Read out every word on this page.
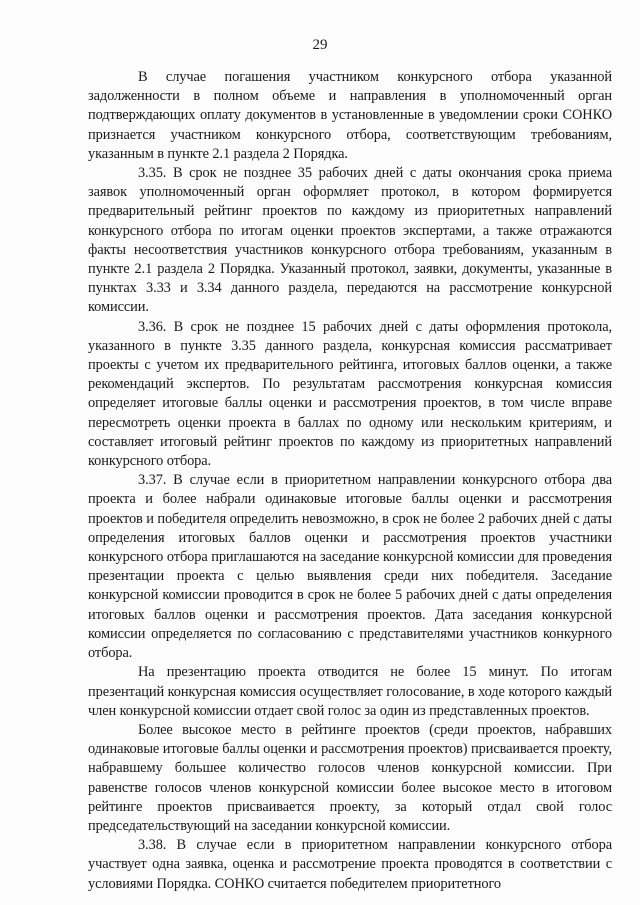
29

В случае погашения участником конкурсного отбора указанной задолженности в полном объеме и направления в уполномоченный орган подтверждающих оплату документов в установленные в уведомлении сроки СОНКО признается участником конкурсного отбора, соответствующим требованиям, указанным в пункте 2.1 раздела 2 Порядка.

3.35. В срок не позднее 35 рабочих дней с даты окончания срока приема заявок уполномоченный орган оформляет протокол, в котором формируется предварительный рейтинг проектов по каждому из приоритетных направлений конкурсного отбора по итогам оценки проектов экспертами, а также отражаются факты несоответствия участников конкурсного отбора требованиям, указанным в пункте 2.1 раздела 2 Порядка. Указанный протокол, заявки, документы, указанные в пунктах 3.33 и 3.34 данного раздела, передаются на рассмотрение конкурсной комиссии.

3.36. В срок не позднее 15 рабочих дней с даты оформления протокола, указанного в пункте 3.35 данного раздела, конкурсная комиссия рассматривает проекты с учетом их предварительного рейтинга, итоговых баллов оценки, а также рекомендаций экспертов. По результатам рассмотрения конкурсная комиссия определяет итоговые баллы оценки и рассмотрения проектов, в том числе вправе пересмотреть оценки проекта в баллах по одному или нескольким критериям, и составляет итоговый рейтинг проектов по каждому из приоритетных направлений конкурсного отбора.

3.37. В случае если в приоритетном направлении конкурсного отбора два проекта и более набрали одинаковые итоговые баллы оценки и рассмотрения проектов и победителя определить невозможно, в срок не более 2 рабочих дней с даты определения итоговых баллов оценки и рассмотрения проектов участники конкурсного отбора приглашаются на заседание конкурсной комиссии для проведения презентации проекта с целью выявления среди них победителя. Заседание конкурсной комиссии проводится в срок не более 5 рабочих дней с даты определения итоговых баллов оценки и рассмотрения проектов. Дата заседания конкурсной комиссии определяется по согласованию с представителями участников конкурного отбора.

На презентацию проекта отводится не более 15 минут. По итогам презентаций конкурсная комиссия осуществляет голосование, в ходе которого каждый член конкурсной комиссии отдает свой голос за один из представленных проектов.

Более высокое место в рейтинге проектов (среди проектов, набравших одинаковые итоговые баллы оценки и рассмотрения проектов) присваивается проекту, набравшему большее количество голосов членов конкурсной комиссии. При равенстве голосов членов конкурсной комиссии более высокое место в итоговом рейтинге проектов присваивается проекту, за который отдал свой голос председательствующий на заседании конкурсной комиссии.

3.38. В случае если в приоритетном направлении конкурсного отбора участвует одна заявка, оценка и рассмотрение проекта проводятся в соответствии с условиями Порядка. СОНКО считается победителем приоритетного
